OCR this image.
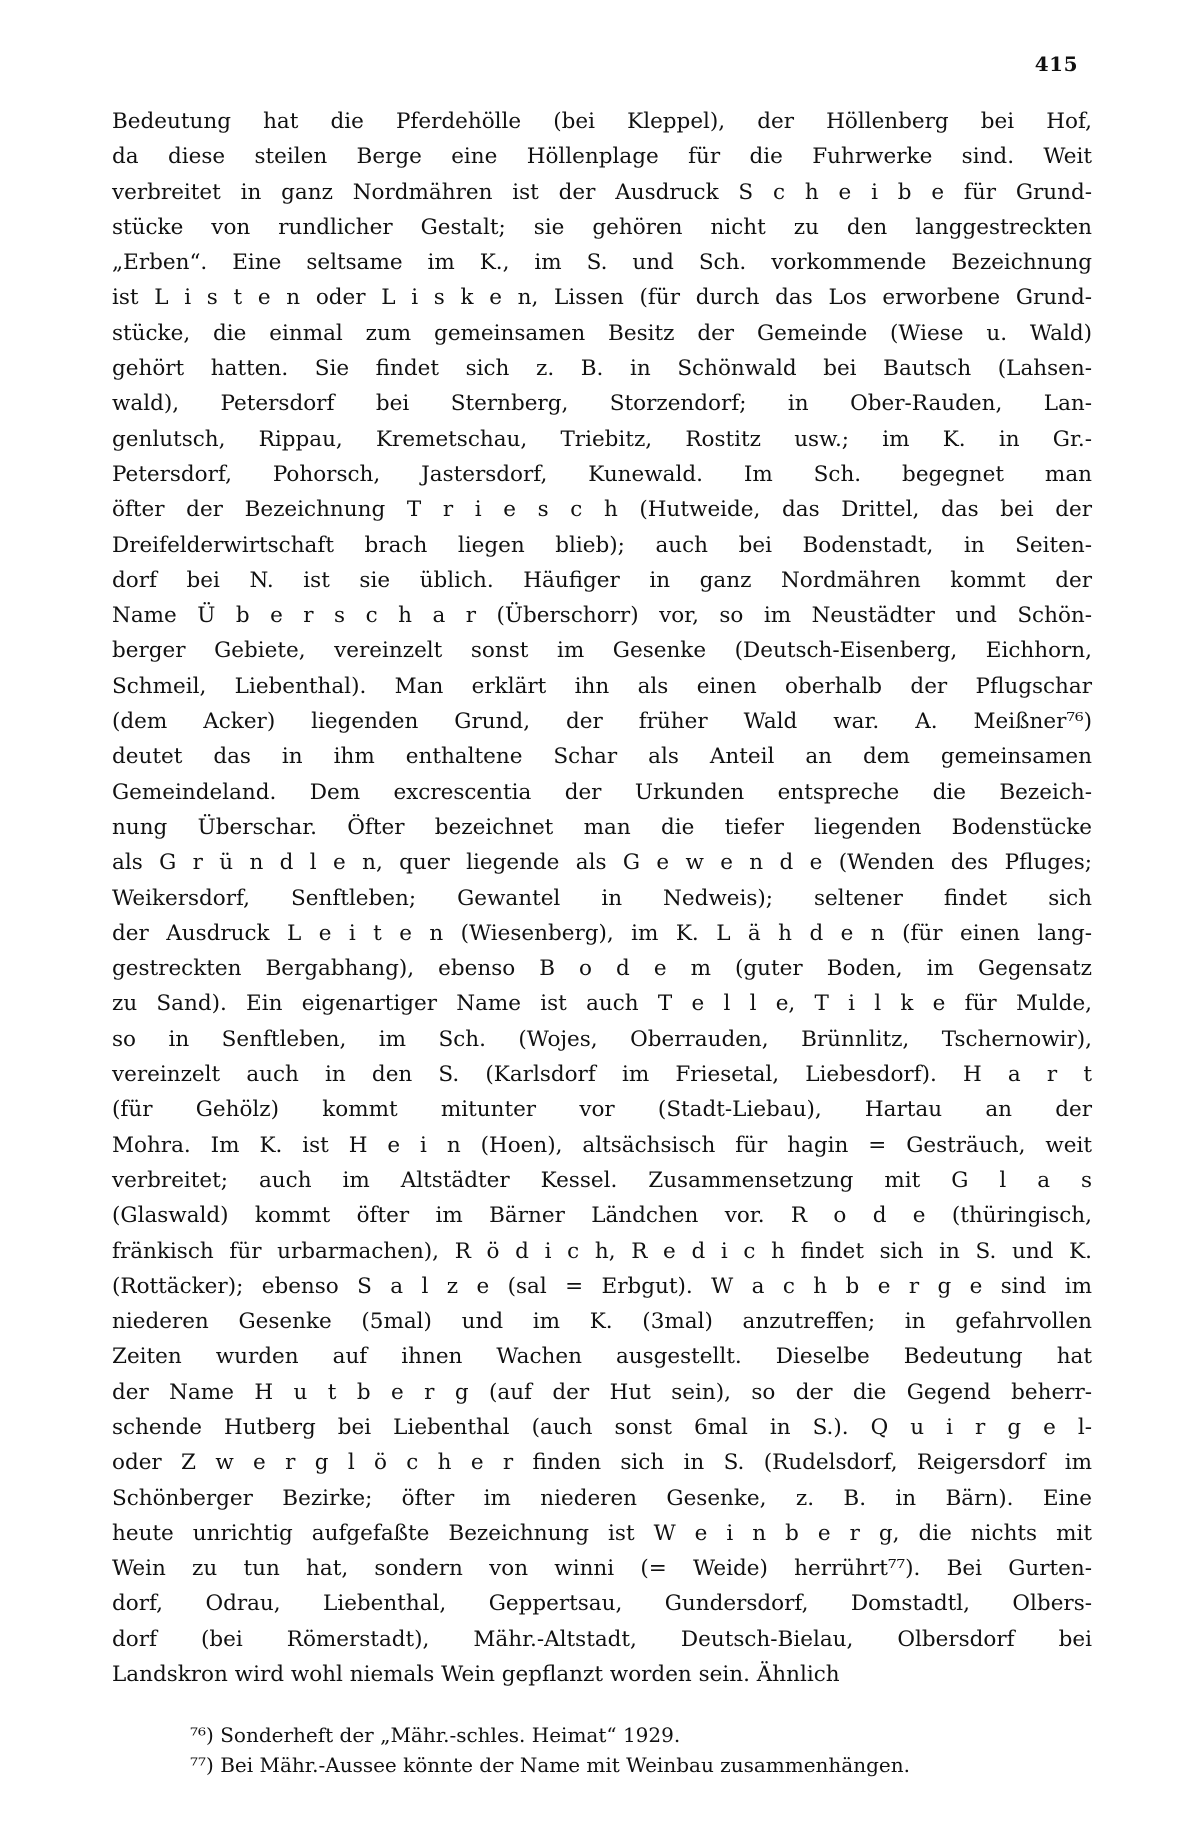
415
Bedeutung hat die Pferdehölle (bei Kleppel), der Höllenberg bei Hof,
da diese steilen Berge eine Höllenplage für die Fuhrwerke sind. Weit
verbreitet in ganz Nordmähren ist der Ausdruck S c h e i b e für Grund-
stücke von rundlicher Gestalt; sie gehören nicht zu den langgestreckten
„Erben“. Eine seltsame im K., im S. und Sch. vorkommende Bezeichnung
ist L i s t e n oder L i s k e n, Lissen (für durch das Los erworbene Grund-
stücke, die einmal zum gemeinsamen Besitz der Gemeinde (Wiese u. Wald)
gehört hatten. Sie findet sich z. B. in Schönwald bei Bautsch (Lahsen-
wald), Petersdorf bei Sternberg, Storzendorf; in Ober-Rauden, Lan-
genlutsch, Rippau, Kremetschau, Triebitz, Rostitz usw.; im K. in Gr.-
Petersdorf, Pohorsch, Jastersdorf, Kunewald. Im Sch. begegnet man
öfter der Bezeichnung T r i e s c h (Hutweide, das Drittel, das bei der
Dreifelderwirtschaft brach liegen blieb); auch bei Bodenstadt, in Seiten-
dorf bei N. ist sie üblich. Häufiger in ganz Nordmähren kommt der
Name Ü b e r s c h a r (Überschorr) vor, so im Neustädter und Schön-
berger Gebiete, vereinzelt sonst im Gesenke (Deutsch-Eisenberg, Eichhorn,
Schmeil, Liebenthal). Man erklärt ihn als einen oberhalb der Pflugschar
(dem Acker) liegenden Grund, der früher Wald war. A. Meißner⁷⁶)
deutet das in ihm enthaltene Schar als Anteil an dem gemeinsamen
Gemeindeland. Dem excrescentia der Urkunden entspreche die Bezeich-
nung Überschar. Öfter bezeichnet man die tiefer liegenden Bodenstücke
als G r ü n d l e n, quer liegende als G e w e n d e (Wenden des Pfluges;
Weikersdorf, Senftleben; Gewantel in Nedweis); seltener findet sich
der Ausdruck L e i t e n (Wiesenberg), im K. L ä h d e n (für einen lang-
gestreckten Bergabhang), ebenso B o d e m (guter Boden, im Gegensatz
zu Sand). Ein eigenartiger Name ist auch T e l l e, T i l k e für Mulde,
so in Senftleben, im Sch. (Wojes, Oberrauden, Brünnlitz, Tschernowir),
vereinzelt auch in den S. (Karlsdorf im Friesetal, Liebesdorf). H a r t
(für Gehölz) kommt mitunter vor (Stadt-Liebau), Hartau an der
Mohra. Im K. ist H e i n (Hoen), altsächsisch für hagin = Gesträuch, weit
verbreitet; auch im Altstädter Kessel. Zusammensetzung mit G l a s
(Glaswald) kommt öfter im Bärner Ländchen vor. R o d e (thüringisch,
fränkisch für urbarmachen), R ö d i c h, R e d i c h findet sich in S. und K.
(Rottäcker); ebenso S a l z e (sal = Erbgut). W a c h b e r g e sind im
niederen Gesenke (5mal) und im K. (3mal) anzutreffen; in gefahrvollen
Zeiten wurden auf ihnen Wachen ausgestellt. Dieselbe Bedeutung hat
der Name H u t b e r g (auf der Hut sein), so der die Gegend beherr-
schende Hutberg bei Liebenthal (auch sonst 6mal in S.). Q u i r g e l-
oder Z w e r g l ö c h e r finden sich in S. (Rudelsdorf, Reigersdorf im
Schönberger Bezirke; öfter im niederen Gesenke, z. B. in Bärn). Eine
heute unrichtig aufgefaßte Bezeichnung ist W e i n b e r g, die nichts mit
Wein zu tun hat, sondern von winni (= Weide) herrührt⁷⁷). Bei Gurten-
dorf, Odrau, Liebenthal, Geppertsau, Gundersdorf, Domstadtl, Olbers-
dorf (bei Römerstadt), Mähr.-Altstadt, Deutsch-Bielau, Olbersdorf bei
Landskron wird wohl niemals Wein gepflanzt worden sein. Ähnlich
⁷⁶) Sonderheft der „Mähr.-schles. Heimat“ 1929.
⁷⁷) Bei Mähr.-Aussee könnte der Name mit Weinbau zusammenhängen.
